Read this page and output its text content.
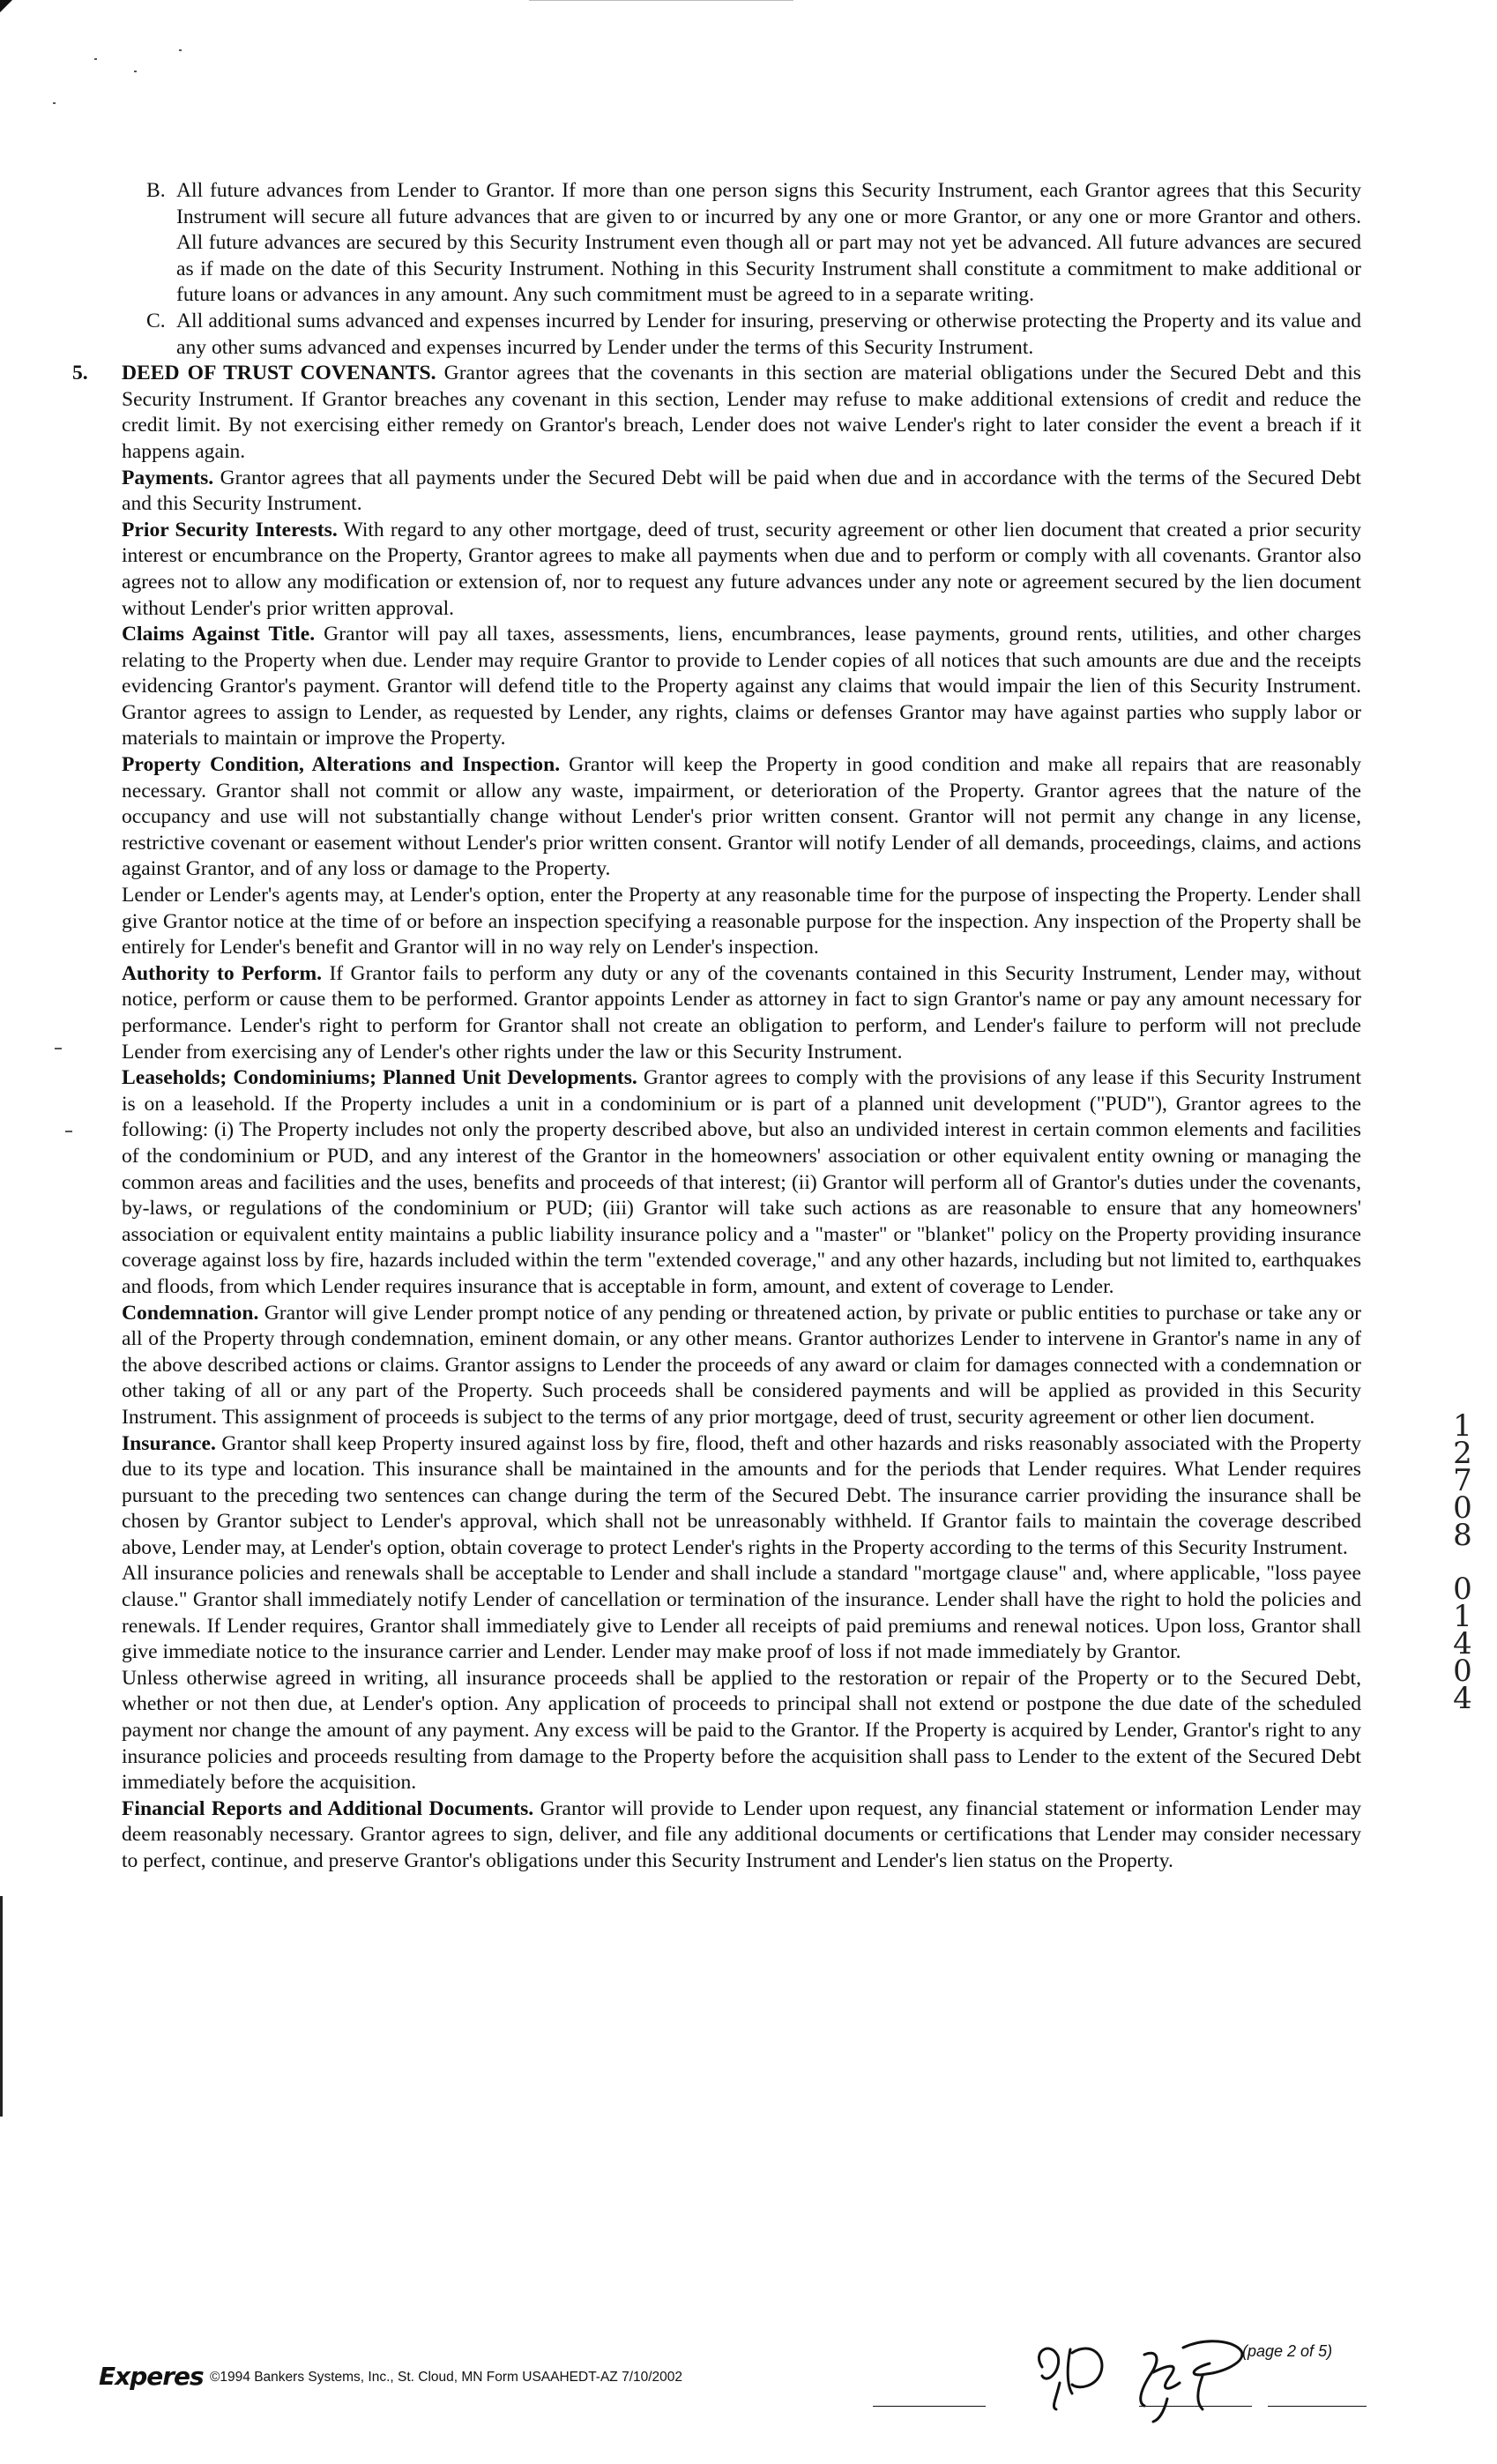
B. All future advances from Lender to Grantor. If more than one person signs this Security Instrument, each Grantor agrees that this Security Instrument will secure all future advances that are given to or incurred by any one or more Grantor, or any one or more Grantor and others. All future advances are secured by this Security Instrument even though all or part may not yet be advanced. All future advances are secured as if made on the date of this Security Instrument. Nothing in this Security Instrument shall constitute a commitment to make additional or future loans or advances in any amount. Any such commitment must be agreed to in a separate writing.

C. All additional sums advanced and expenses incurred by Lender for insuring, preserving or otherwise protecting the Property and its value and any other sums advanced and expenses incurred by Lender under the terms of this Security Instrument.

5. DEED OF TRUST COVENANTS. Grantor agrees that the covenants in this section are material obligations under the Secured Debt and this Security Instrument. If Grantor breaches any covenant in this section, Lender may refuse to make additional extensions of credit and reduce the credit limit. By not exercising either remedy on Grantor's breach, Lender does not waive Lender's right to later consider the event a breach if it happens again.

Payments. Grantor agrees that all payments under the Secured Debt will be paid when due and in accordance with the terms of the Secured Debt and this Security Instrument.

Prior Security Interests. With regard to any other mortgage, deed of trust, security agreement or other lien document that created a prior security interest or encumbrance on the Property, Grantor agrees to make all payments when due and to perform or comply with all covenants. Grantor also agrees not to allow any modification or extension of, nor to request any future advances under any note or agreement secured by the lien document without Lender's prior written approval.

Claims Against Title. Grantor will pay all taxes, assessments, liens, encumbrances, lease payments, ground rents, utilities, and other charges relating to the Property when due. Lender may require Grantor to provide to Lender copies of all notices that such amounts are due and the receipts evidencing Grantor's payment. Grantor will defend title to the Property against any claims that would impair the lien of this Security Instrument. Grantor agrees to assign to Lender, as requested by Lender, any rights, claims or defenses Grantor may have against parties who supply labor or materials to maintain or improve the Property.

Property Condition, Alterations and Inspection. Grantor will keep the Property in good condition and make all repairs that are reasonably necessary. Grantor shall not commit or allow any waste, impairment, or deterioration of the Property. Grantor agrees that the nature of the occupancy and use will not substantially change without Lender's prior written consent. Grantor will not permit any change in any license, restrictive covenant or easement without Lender's prior written consent. Grantor will notify Lender of all demands, proceedings, claims, and actions against Grantor, and of any loss or damage to the Property.

Lender or Lender's agents may, at Lender's option, enter the Property at any reasonable time for the purpose of inspecting the Property. Lender shall give Grantor notice at the time of or before an inspection specifying a reasonable purpose for the inspection. Any inspection of the Property shall be entirely for Lender's benefit and Grantor will in no way rely on Lender's inspection.

Authority to Perform. If Grantor fails to perform any duty or any of the covenants contained in this Security Instrument, Lender may, without notice, perform or cause them to be performed. Grantor appoints Lender as attorney in fact to sign Grantor's name or pay any amount necessary for performance. Lender's right to perform for Grantor shall not create an obligation to perform, and Lender's failure to perform will not preclude Lender from exercising any of Lender's other rights under the law or this Security Instrument.

Leaseholds; Condominiums; Planned Unit Developments. Grantor agrees to comply with the provisions of any lease if this Security Instrument is on a leasehold. If the Property includes a unit in a condominium or is part of a planned unit development ("PUD"), Grantor agrees to the following: (i) The Property includes not only the property described above, but also an undivided interest in certain common elements and facilities of the condominium or PUD, and any interest of the Grantor in the homeowners' association or other equivalent entity owning or managing the common areas and facilities and the uses, benefits and proceeds of that interest; (ii) Grantor will perform all of Grantor's duties under the covenants, by-laws, or regulations of the condominium or PUD; (iii) Grantor will take such actions as are reasonable to ensure that any homeowners' association or equivalent entity maintains a public liability insurance policy and a "master" or "blanket" policy on the Property providing insurance coverage against loss by fire, hazards included within the term "extended coverage," and any other hazards, including but not limited to, earthquakes and floods, from which Lender requires insurance that is acceptable in form, amount, and extent of coverage to Lender.

Condemnation. Grantor will give Lender prompt notice of any pending or threatened action, by private or public entities to purchase or take any or all of the Property through condemnation, eminent domain, or any other means. Grantor authorizes Lender to intervene in Grantor's name in any of the above described actions or claims. Grantor assigns to Lender the proceeds of any award or claim for damages connected with a condemnation or other taking of all or any part of the Property. Such proceeds shall be considered payments and will be applied as provided in this Security Instrument. This assignment of proceeds is subject to the terms of any prior mortgage, deed of trust, security agreement or other lien document.

Insurance. Grantor shall keep Property insured against loss by fire, flood, theft and other hazards and risks reasonably associated with the Property due to its type and location. This insurance shall be maintained in the amounts and for the periods that Lender requires. What Lender requires pursuant to the preceding two sentences can change during the term of the Secured Debt. The insurance carrier providing the insurance shall be chosen by Grantor subject to Lender's approval, which shall not be unreasonably withheld. If Grantor fails to maintain the coverage described above, Lender may, at Lender's option, obtain coverage to protect Lender's rights in the Property according to the terms of this Security Instrument.

All insurance policies and renewals shall be acceptable to Lender and shall include a standard "mortgage clause" and, where applicable, "loss payee clause." Grantor shall immediately notify Lender of cancellation or termination of the insurance. Lender shall have the right to hold the policies and renewals. If Lender requires, Grantor shall immediately give to Lender all receipts of paid premiums and renewal notices. Upon loss, Grantor shall give immediate notice to the insurance carrier and Lender. Lender may make proof of loss if not made immediately by Grantor.

Unless otherwise agreed in writing, all insurance proceeds shall be applied to the restoration or repair of the Property or to the Secured Debt, whether or not then due, at Lender's option. Any application of proceeds to principal shall not extend or postpone the due date of the scheduled payment nor change the amount of any payment. Any excess will be paid to the Grantor. If the Property is acquired by Lender, Grantor's right to any insurance policies and proceeds resulting from damage to the Property before the acquisition shall pass to Lender to the extent of the Secured Debt immediately before the acquisition.

Financial Reports and Additional Documents. Grantor will provide to Lender upon request, any financial statement or information Lender may deem reasonably necessary. Grantor agrees to sign, deliver, and file any additional documents or certifications that Lender may consider necessary to perfect, continue, and preserve Grantor's obligations under this Security Instrument and Lender's lien status on the Property.

1
2
7
0
8
0
1
4
0
4
Experes ©1994 Bankers Systems, Inc., St. Cloud, MN Form USAAHEDT-AZ 7/10/2002
(page 2 of 5)
